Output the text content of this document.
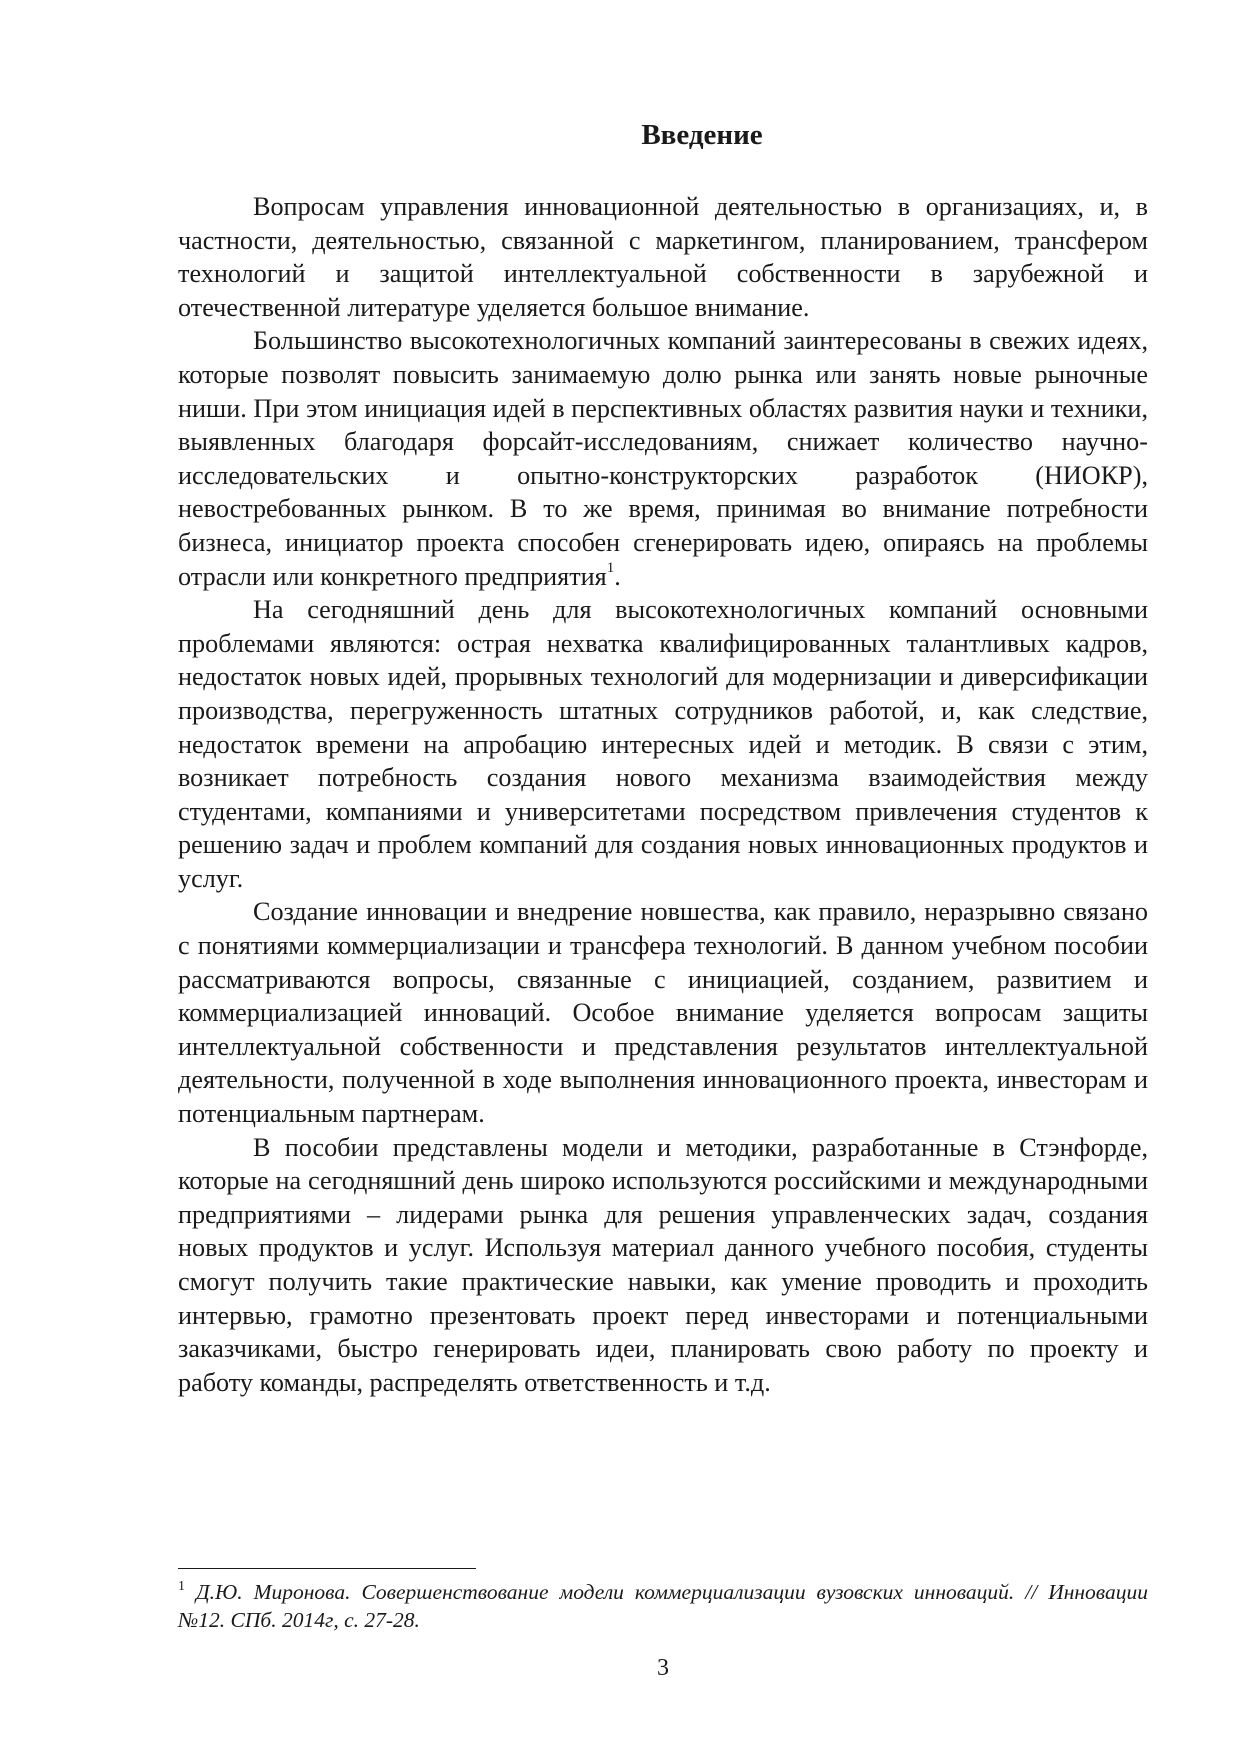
Введение

Вопросам управления инновационной деятельностью в организациях, и, в частности, деятельностью, связанной с маркетингом, планированием, трансфером технологий и защитой интеллектуальной собственности в зарубежной и отечественной литературе уделяется большое внимание.

Большинство высокотехнологичных компаний заинтересованы в свежих идеях, которые позволят повысить занимаемую долю рынка или занять новые рыночные ниши. При этом инициация идей в перспективных областях развития науки и техники, выявленных благодаря форсайт-исследованиям, снижает количество научно-исследовательских и опытно-конструкторских разработок (НИОКР), невостребованных рынком. В то же время, принимая во внимание потребности бизнеса, инициатор проекта способен сгенерировать идею, опираясь на проблемы отрасли или конкретного предприятия$^1$.

На сегодняшний день для высокотехнологичных компаний основными проблемами являются: острая нехватка квалифицированных талантливых кадров, недостаток новых идей, прорывных технологий для модернизации и диверсификации производства, перегруженность штатных сотрудников работой, и, как следствие, недостаток времени на апробацию интересных идей и методик. В связи с этим, возникает потребность создания нового механизма взаимодействия между студентами, компаниями и университетами посредством привлечения студентов к решению задач и проблем компаний для создания новых инновационных продуктов и услуг.

Создание инновации и внедрение новшества, как правило, неразрывно связано с понятиями коммерциализации и трансфера технологий. В данном учебном пособии рассматриваются вопросы, связанные с инициацией, созданием, развитием и коммерциализацией инноваций. Особое внимание уделяется вопросам защиты интеллектуальной собственности и представления результатов интеллектуальной деятельности, полученной в ходе выполнения инновационного проекта, инвесторам и потенциальным партнерам.

В пособии представлены модели и методики, разработанные в Стэнфорде, которые на сегодняшний день широко используются российскими и международными предприятиями – лидерами рынка для решения управленческих задач, создания новых продуктов и услуг. Используя материал данного учебного пособия, студенты смогут получить такие практические навыки, как умение проводить и проходить интервью, грамотно презентовать проект перед инвесторами и потенциальными заказчиками, быстро генерировать идеи, планировать свою работу по проекту и работу команды, распределять ответственность и т.д.

$^1$ Д.Ю. Миронова. Совершенствование модели коммерциализации вузовских инноваций. // Инновации №12. СПб. 2014г, с. 27-28.

3
